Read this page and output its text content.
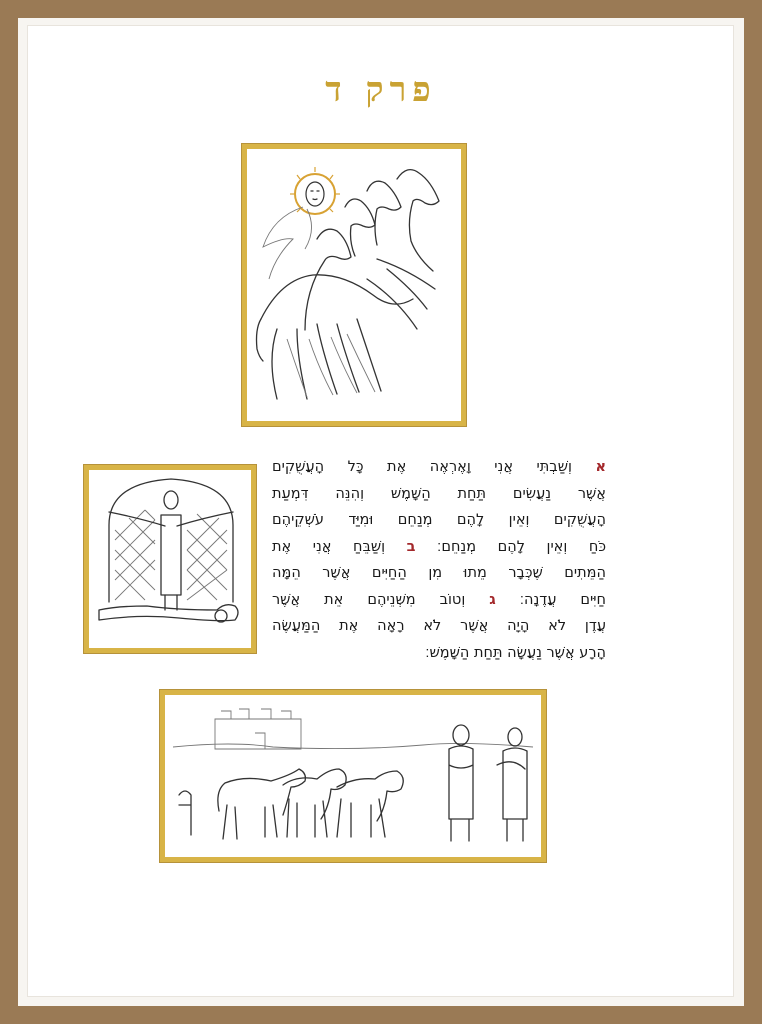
פרק ד
א וְשַׁבְתִּי אֲנִי וָאֶרְאֶה אֶת כָּל הָעֲשֻׁקִים
אֲשֶׁר נַעֲשִׂים תַּחַת הַשָּׁמֶשׁ וְהִנֵּה דִּמְעַת
הָעֲשֻׁקִים וְאֵין לָהֶם מְנַחֵם וּמִיַּד עֹשְׁקֵיהֶם
כֹּחַ וְאֵין לָהֶם מְנַחֵם׃ ב וְשַׁבֵּחַ אֲנִי אֶת
הַמֵּתִים שֶׁכְּבָר מֵתוּ מִן הַחַיִּים אֲשֶׁר הֵמָּה
חַיִּים עֲדֶנָה׃ ג וְטוֹב מִשְּׁנֵיהֶם אֵת אֲשֶׁר
עֲדֶן לֹא הָיָה אֲשֶׁר לֹא רָאָה אֶת הַמַּעֲשֶׂה
הָרָע אֲשֶׁר נַעֲשָׂה תַּחַת הַשָּׁמֶשׁ׃
